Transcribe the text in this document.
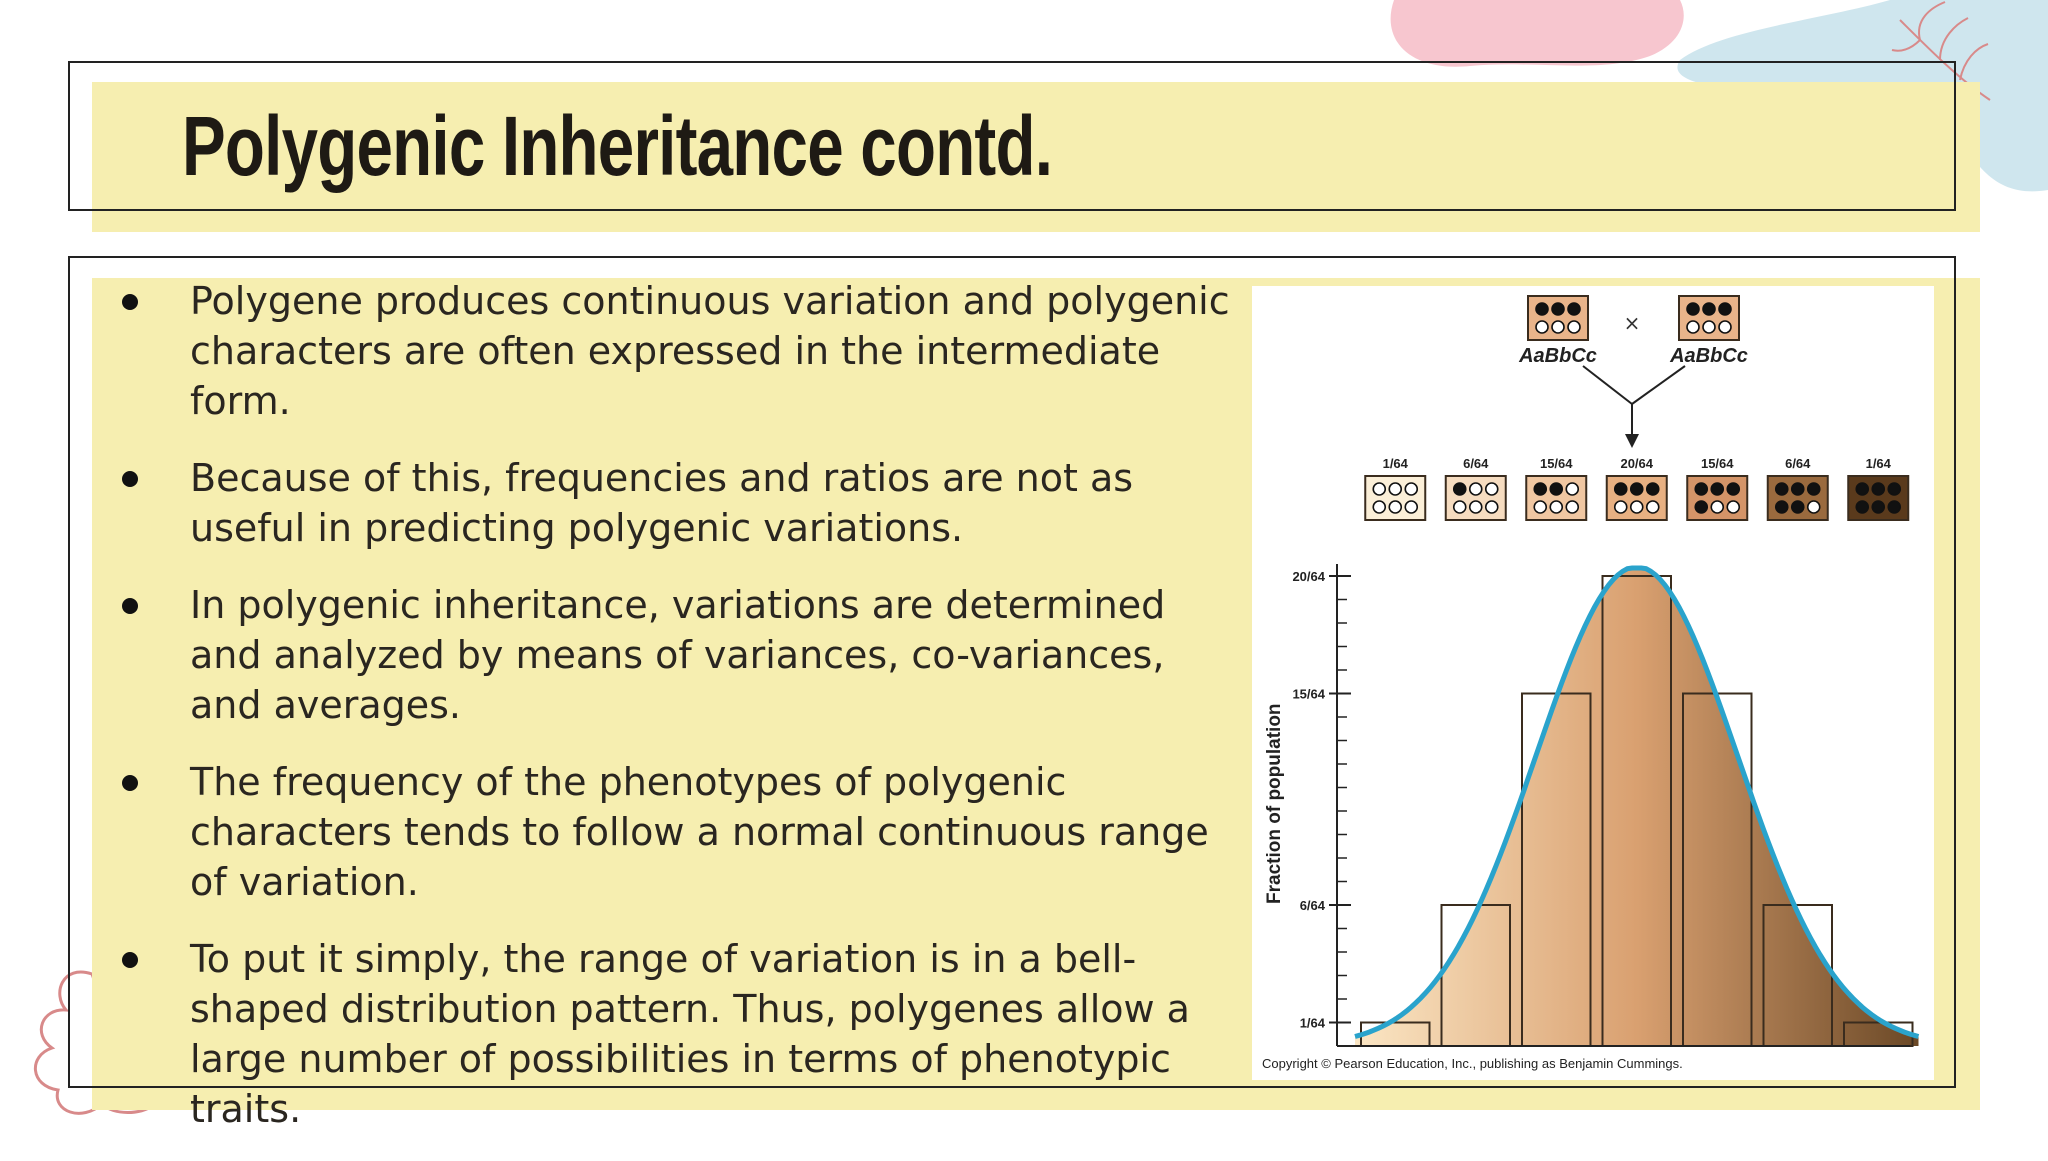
Polygenic Inheritance contd.
Polygene produces continuous variation and polygenic characters are often expressed in the intermediate form.
Because of this, frequencies and ratios are not as useful in predicting polygenic variations.
In polygenic inheritance, variations are determined and analyzed by means of variances, co-variances, and averages.
The frequency of the phenotypes of polygenic characters tends to follow a normal continuous range of variation.
To put it simply, the range of variation is in a bell-shaped distribution pattern. Thus, polygenes allow a large number of possibilities in terms of phenotypic traits.
AaBbCc	AaBbCc
×
1/64	6/64	15/64	20/64	15/64	6/64	1/64
1/64
6/64
15/64
20/64
Fraction of population
Copyright © Pearson Education, Inc., publishing as Benjamin Cummings.
